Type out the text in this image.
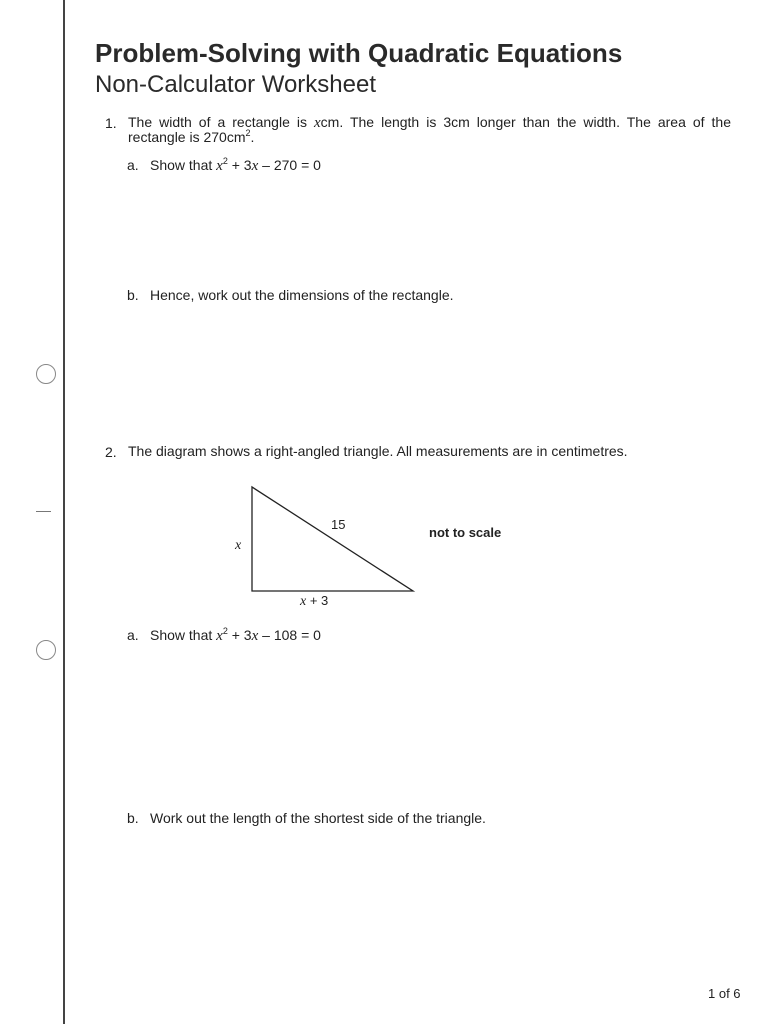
Problem-Solving with Quadratic Equations
Non-Calculator Worksheet
1. The width of a rectangle is xcm. The length is 3cm longer than the width. The area of the
rectangle is $270cm^2$.
a. Show that $x^2 + 3x - 270 = 0$
b. Hence, work out the dimensions of the rectangle.
2. The diagram shows a right-angled triangle. All measurements are in centimetres.
15
x
x + 3
not to scale
a. Show that $x^2 + 3x - 108 = 0$
b. Work out the length of the shortest side of the triangle.
1 of 6
